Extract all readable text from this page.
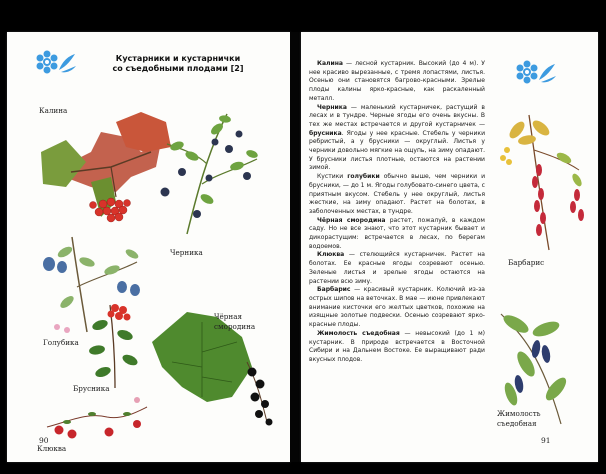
Кустарники и кустарнички
со съедобными плодами [2]
Калина
Черника
Голубика
Чёрная
смородина
Брусника
Клюква
90

Калина — лесной кустарник. Высокий (до 4 м). У нее красиво вырезанные, с тремя лопастями, листья. Осенью они становятся багрово-красными. Зрелые плоды калины ярко-красные, как раскаленный металл.

Черника — маленький кустарничек, растущий в лесах и в тундре. Черные ягоды его очень вкусны. В тех же местах встречается и другой кустарничек — брусника. Ягоды у нее красные. Стебель у черники ребристый, а у брусники — округлый. Листья у черники довольно мягкие на ощупь, на зиму опадают. У брусники листья плотные, остаются на растении зимой.

Кустики голубики обычно выше, чем черники и брусники, — до 1 м. Ягоды голубовато-синего цвета, с приятным вкусом. Стебель у нее округлый, листья жесткие, на зиму опадают. Растет на болотах, в заболоченных местах, в тундре.

Чёрная смородина растет, пожалуй, в каждом саду. Но не все знают, что этот кустарник бывает и дикорастущим: встречается в лесах, по берегам водоемов.

Клюква — стелющийся кустарничек. Растет на болотах. Ее красные ягоды созревают осенью. Зеленые листья и зрелые ягоды остаются на растении всю зиму.

Барбарис — красивый кустарник. Колючий из-за острых шипов на веточках. В мае — июне привлекают внимание кисточки его желтых цветков, похожие на изящные золотые подвески. Осенью созревают ярко-красные плоды.

Жимолость съедобная — невысокий (до 1 м) кустарник. В природе встречается в Восточной Сибири и на Дальнем Востоке. Ее выращивают ради вкусных плодов.

Барбарис
Жимолость
съедобная
91
